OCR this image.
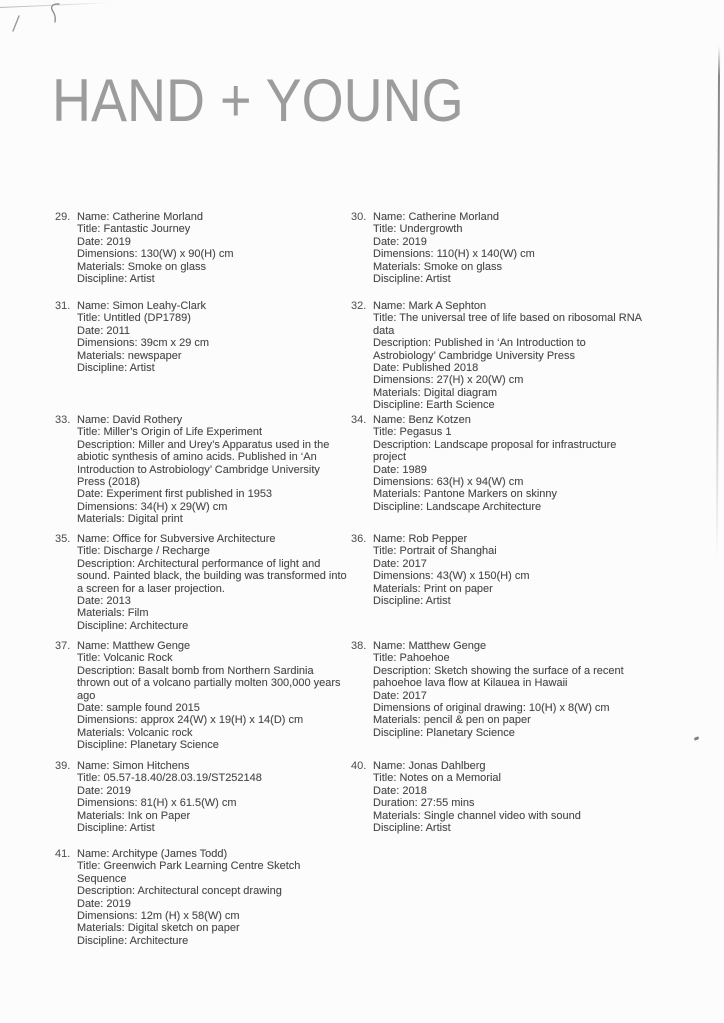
HAND + YOUNG
29. Name: Catherine Morland
Title: Fantastic Journey
Date: 2019
Dimensions: 130(W) x 90(H) cm
Materials: Smoke on glass
Discipline: Artist
30. Name: Catherine Morland
Title: Undergrowth
Date: 2019
Dimensions: 110(H) x 140(W) cm
Materials: Smoke on glass
Discipline: Artist
31. Name: Simon Leahy-Clark
Title: Untitled (DP1789)
Date: 2011
Dimensions: 39cm x 29 cm
Materials: newspaper
Discipline: Artist
32. Name: Mark A Sephton
Title: The universal tree of life based on ribosomal RNA data
Description: Published in ‘An Introduction to Astrobiology’ Cambridge University Press
Date: Published 2018
Dimensions: 27(H) x 20(W) cm
Materials: Digital diagram
Discipline: Earth Science
33. Name: David Rothery
Title: Miller’s Origin of Life Experiment
Description: Miller and Urey’s Apparatus used in the abiotic synthesis of amino acids. Published in ‘An Introduction to Astrobiology’ Cambridge University Press (2018)
Date: Experiment first published in 1953
Dimensions: 34(H) x 29(W) cm
Materials: Digital print
34. Name: Benz Kotzen
Title: Pegasus 1
Description: Landscape proposal for infrastructure project
Date: 1989
Dimensions: 63(H) x 94(W) cm
Materials: Pantone Markers on skinny
Discipline: Landscape Architecture
35. Name: Office for Subversive Architecture
Title: Discharge / Recharge
Description: Architectural performance of light and sound. Painted black, the building was transformed into a screen for a laser projection.
Date: 2013
Materials: Film
Discipline: Architecture
36. Name: Rob Pepper
Title: Portrait of Shanghai
Date: 2017
Dimensions: 43(W) x 150(H) cm
Materials: Print on paper
Discipline: Artist
37. Name: Matthew Genge
Title: Volcanic Rock
Description: Basalt bomb from Northern Sardinia thrown out of a volcano partially molten 300,000 years ago
Date: sample found 2015
Dimensions: approx 24(W) x 19(H) x 14(D) cm
Materials: Volcanic rock
Discipline: Planetary Science
38. Name: Matthew Genge
Title: Pahoehoe
Description: Sketch showing the surface of a recent pahoehoe lava flow at Kilauea in Hawaii
Date: 2017
Dimensions of original drawing: 10(H) x 8(W) cm
Materials: pencil & pen on paper
Discipline: Planetary Science
39. Name: Simon Hitchens
Title: 05.57-18.40/28.03.19/ST252148
Date: 2019
Dimensions: 81(H) x 61.5(W) cm
Materials: Ink on Paper
Discipline: Artist
40. Name: Jonas Dahlberg
Title: Notes on a Memorial
Date: 2018
Duration: 27:55 mins
Materials: Single channel video with sound
Discipline: Artist
41. Name: Architype (James Todd)
Title: Greenwich Park Learning Centre Sketch Sequence
Description: Architectural concept drawing
Date: 2019
Dimensions: 12m (H) x 58(W) cm
Materials: Digital sketch on paper
Discipline: Architecture
